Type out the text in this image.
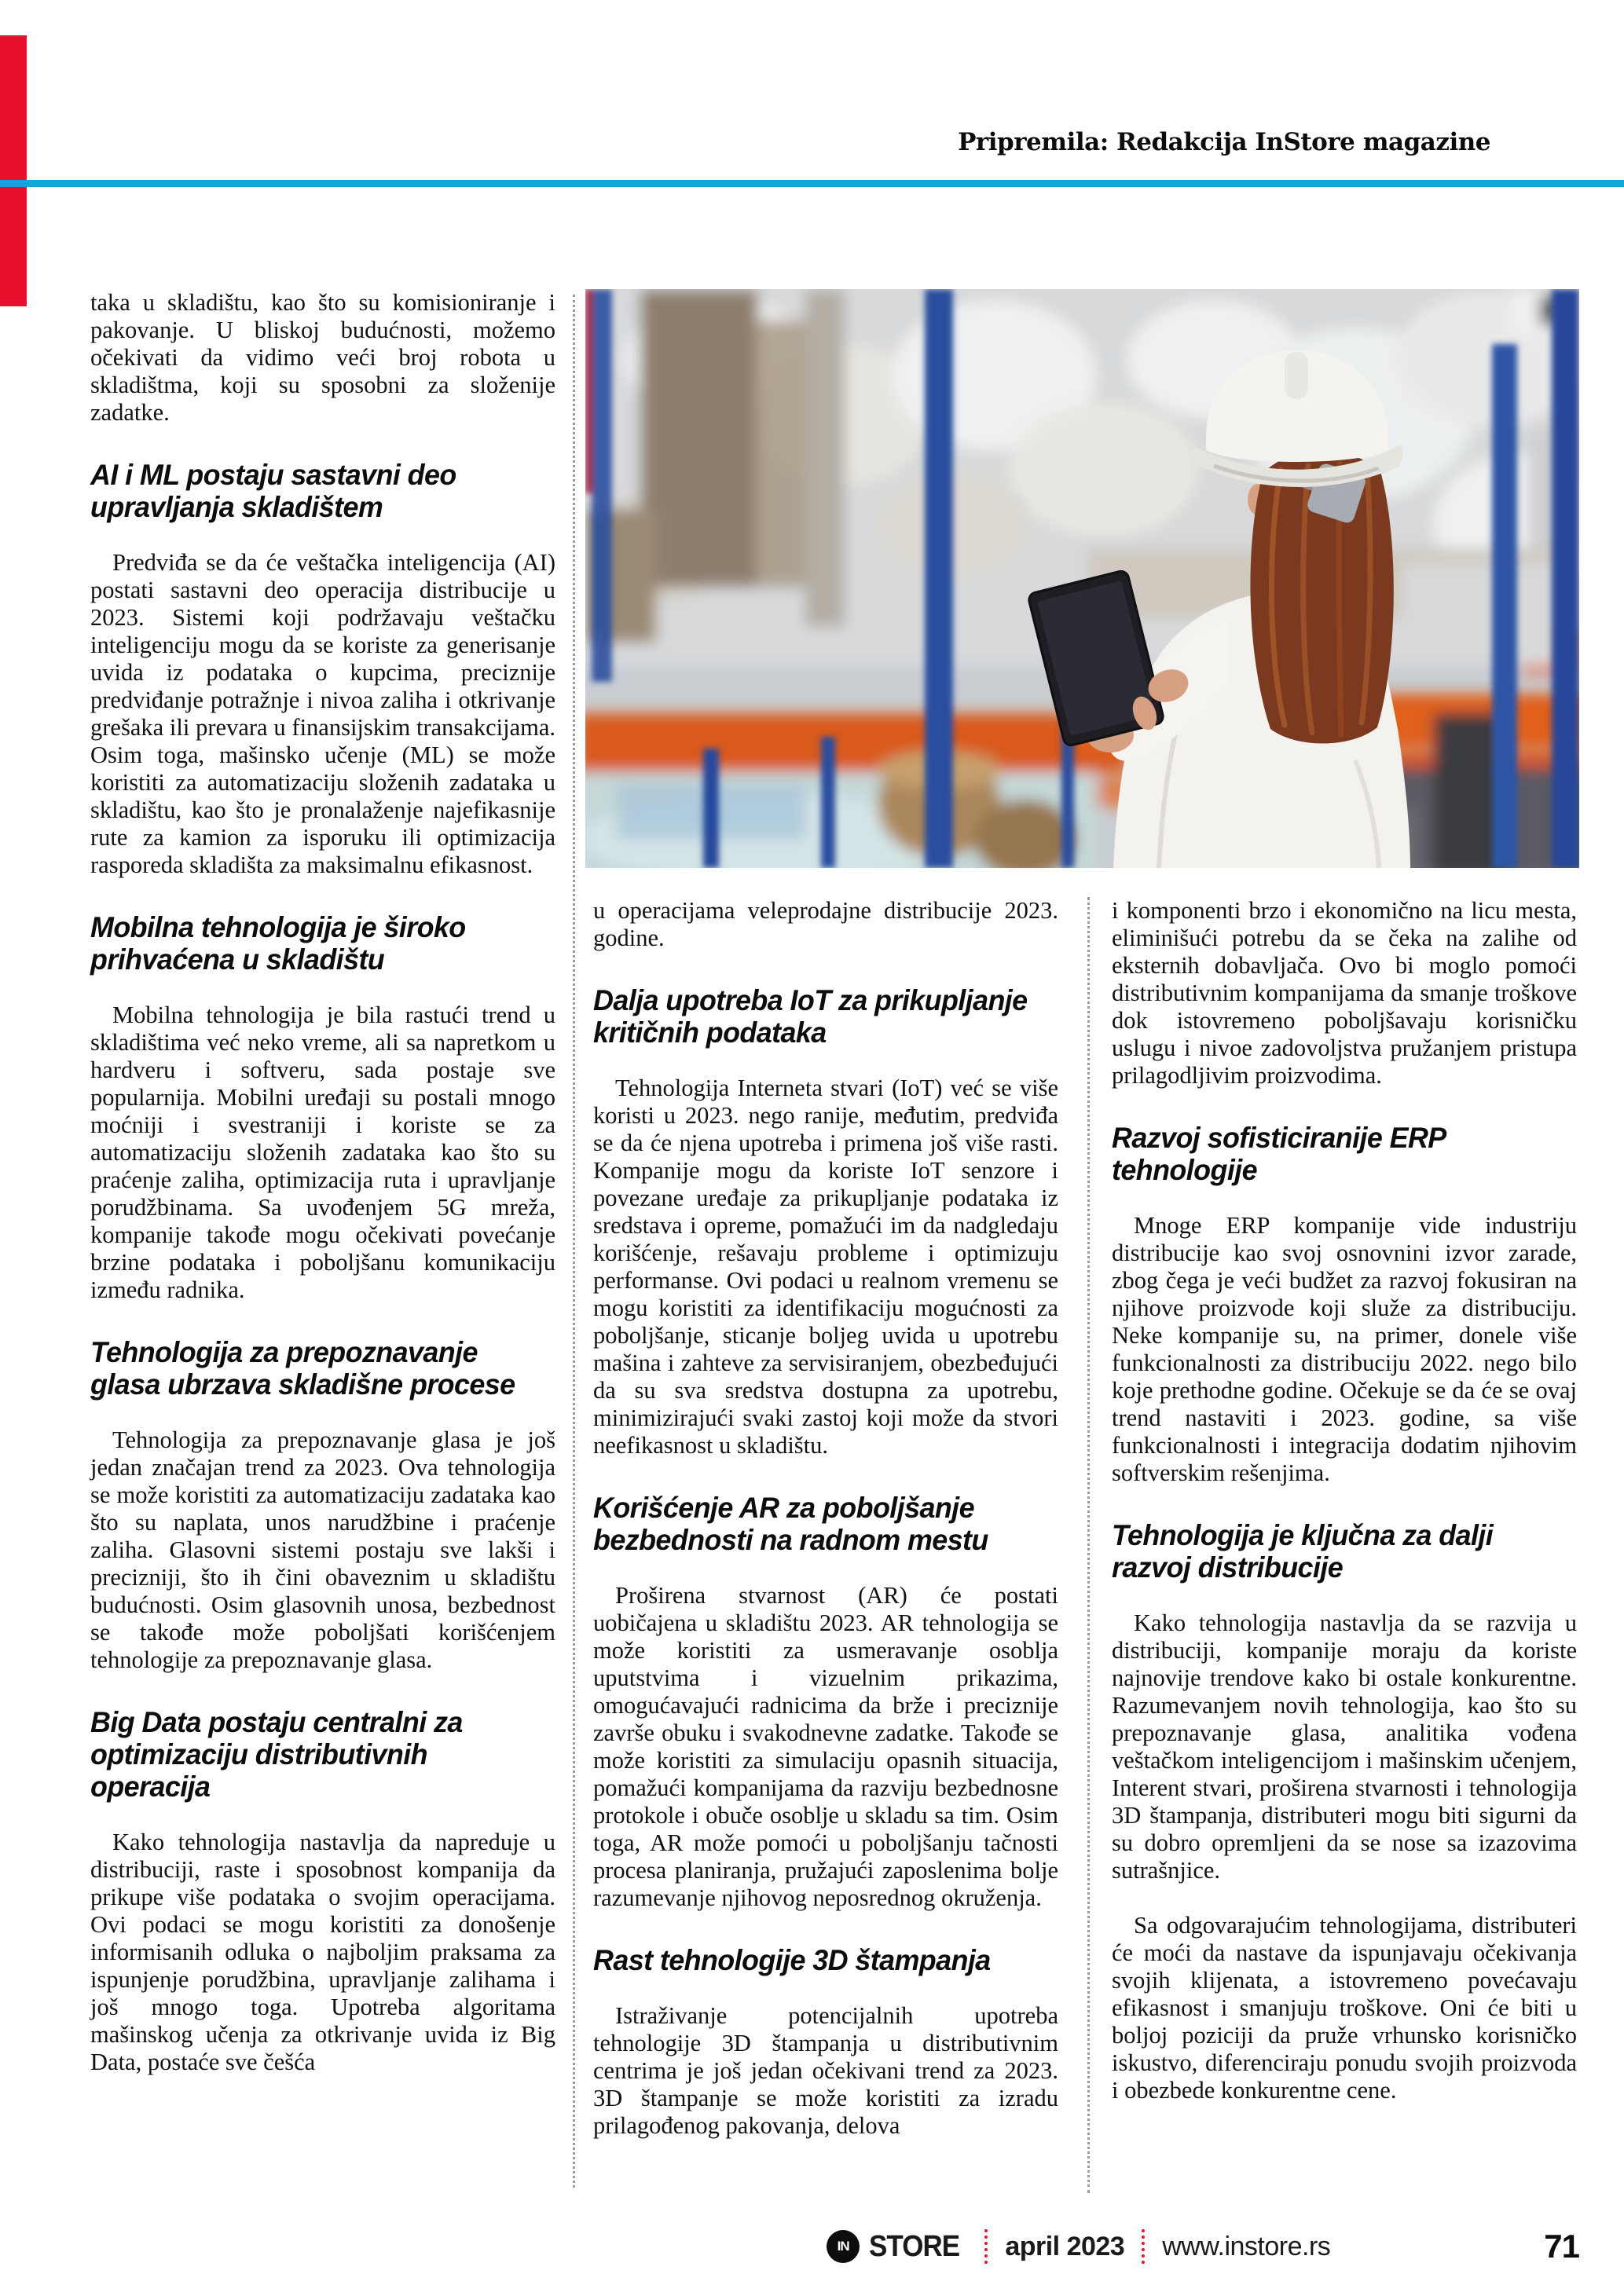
Pripremila: Redakcija InStore magazine

taka u skladištu, kao što su komisioniranje i pakovanje. U bliskoj budućnosti, možemo očekivati da vidimo veći broj robota u skladištma, koji su sposobni za složenije zadatke.

AI i ML postaju sastavni deo upravljanja skladištem

Predviđa se da će veštačka inteligencija (AI) postati sastavni deo operacija distribucije u 2023. Sistemi koji podržavaju veštačku inteligenciju mogu da se koriste za generisanje uvida iz podataka o kupcima, preciznije predviđanje potražnje i nivoa zaliha i otkrivanje grešaka ili prevara u finansijskim transakcijama. Osim toga, mašinsko učenje (ML) se može koristiti za automatizaciju složenih zadataka u skladištu, kao što je pronalaženje najefikasnije rute za kamion za isporuku ili optimizacija rasporeda skladišta za maksimalnu efikasnost.

Mobilna tehnologija je široko prihvaćena u skladištu

Mobilna tehnologija je bila rastući trend u skladištima već neko vreme, ali sa napretkom u hardveru i softveru, sada postaje sve popularnija. Mobilni uređaji su postali mnogo moćniji i svestraniji i koriste se za automatizaciju složenih zadataka kao što su praćenje zaliha, optimizacija ruta i upravljanje porudžbinama. Sa uvođenjem 5G mreža, kompanije takođe mogu očekivati povećanje brzine podataka i poboljšanu komunikaciju između radnika.

Tehnologija za prepoznavanje glasa ubrzava skladišne procese

Tehnologija za prepoznavanje glasa je još jedan značajan trend za 2023. Ova tehnologija se može koristiti za automatizaciju zadataka kao što su naplata, unos narudžbine i praćenje zaliha. Glasovni sistemi postaju sve lakši i precizniji, što ih čini obaveznim u skladištu budućnosti. Osim glasovnih unosa, bezbednost se takođe može poboljšati korišćenjem tehnologije za prepoznavanje glasa.

Big Data postaju centralni za optimizaciju distributivnih operacija

Kako tehnologija nastavlja da napreduje u distribuciji, raste i sposobnost kompanija da prikupe više podataka o svojim operacijama. Ovi podaci se mogu koristiti za donošenje informisanih odluka o najboljim praksama za ispunjenje porudžbina, upravljanje zalihama i još mnogo toga. Upotreba algoritama mašinskog učenja za otkrivanje uvida iz Big Data, postaće sve češća

u operacijama veleprodajne distribucije 2023. godine.

Dalja upotreba IoT za prikupljanje kritičnih podataka

Tehnologija Interneta stvari (IoT) već se više koristi u 2023. nego ranije, međutim, predviđa se da će njena upotreba i primena još više rasti. Kompanije mogu da koriste IoT senzore i povezane uređaje za prikupljanje podataka iz sredstava i opreme, pomažući im da nadgledaju korišćenje, rešavaju probleme i optimizuju performanse. Ovi podaci u realnom vremenu se mogu koristiti za identifikaciju mogućnosti za poboljšanje, sticanje boljeg uvida u upotrebu mašina i zahteve za servisiranjem, obezbeđujući da su sva sredstva dostupna za upotrebu, minimizirajući svaki zastoj koji može da stvori neefikasnost u skladištu.

Korišćenje AR za poboljšanje bezbednosti na radnom mestu

Proširena stvarnost (AR) će postati uobičajena u skladištu 2023. AR tehnologija se može koristiti za usmeravanje osoblja uputstvima i vizuelnim prikazima, omogućavajući radnicima da brže i preciznije završe obuku i svakodnevne zadatke. Takođe se može koristiti za simulaciju opasnih situacija, pomažući kompanijama da razviju bezbednosne protokole i obuče osoblje u skladu sa tim. Osim toga, AR može pomoći u poboljšanju tačnosti procesa planiranja, pružajući zaposlenima bolje razumevanje njihovog neposrednog okruženja.

Rast tehnologije 3D štampanja

Istraživanje potencijalnih upotreba tehnologije 3D štampanja u distributivnim centrima je još jedan očekivani trend za 2023. 3D štampanje se može koristiti za izradu prilagođenog pakovanja, delova

i komponenti brzo i ekonomično na licu mesta, eliminišući potrebu da se čeka na zalihe od eksternih dobavljača. Ovo bi moglo pomoći distributivnim kompanijama da smanje troškove dok istovremeno poboljšavaju korisničku uslugu i nivoe zadovoljstva pružanjem pristupa prilagodljivim proizvodima.

Razvoj sofisticiranije ERP tehnologije

Mnoge ERP kompanije vide industriju distribucije kao svoj osnovnini izvor zarade, zbog čega je veći budžet za razvoj fokusiran na njihove proizvode koji služe za distribuciju. Neke kompanije su, na primer, donele više funkcionalnosti za distribuciju 2022. nego bilo koje prethodne godine. Očekuje se da će se ovaj trend nastaviti i 2023. godine, sa više funkcionalnosti i integracija dodatim njihovim softverskim rešenjima.

Tehnologija je ključna za dalji razvoj distribucije

Kako tehnologija nastavlja da se razvija u distribuciji, kompanije moraju da koriste najnovije trendove kako bi ostale konkurentne. Razumevanjem novih tehnologija, kao što su prepoznavanje glasa, analitika vođena veštačkom inteligencijom i mašinskim učenjem, Interent stvari, proširena stvarnosti i tehnologija 3D štampanja, distributeri mogu biti sigurni da su dobro opremljeni da se nose sa izazovima sutrašnjice.

Sa odgovarajućim tehnologijama, distributeri će moći da nastave da ispunjavaju očekivanja svojih klijenata, a istovremeno povećavaju efikasnost i smanjuju troškove. Oni će biti u boljoj poziciji da pruže vrhunsko korisničko iskustvo, diferenciraju ponudu svojih proizvoda i obezbede konkurentne cene.

IN STORE april 2023 www.instore.rs	71
